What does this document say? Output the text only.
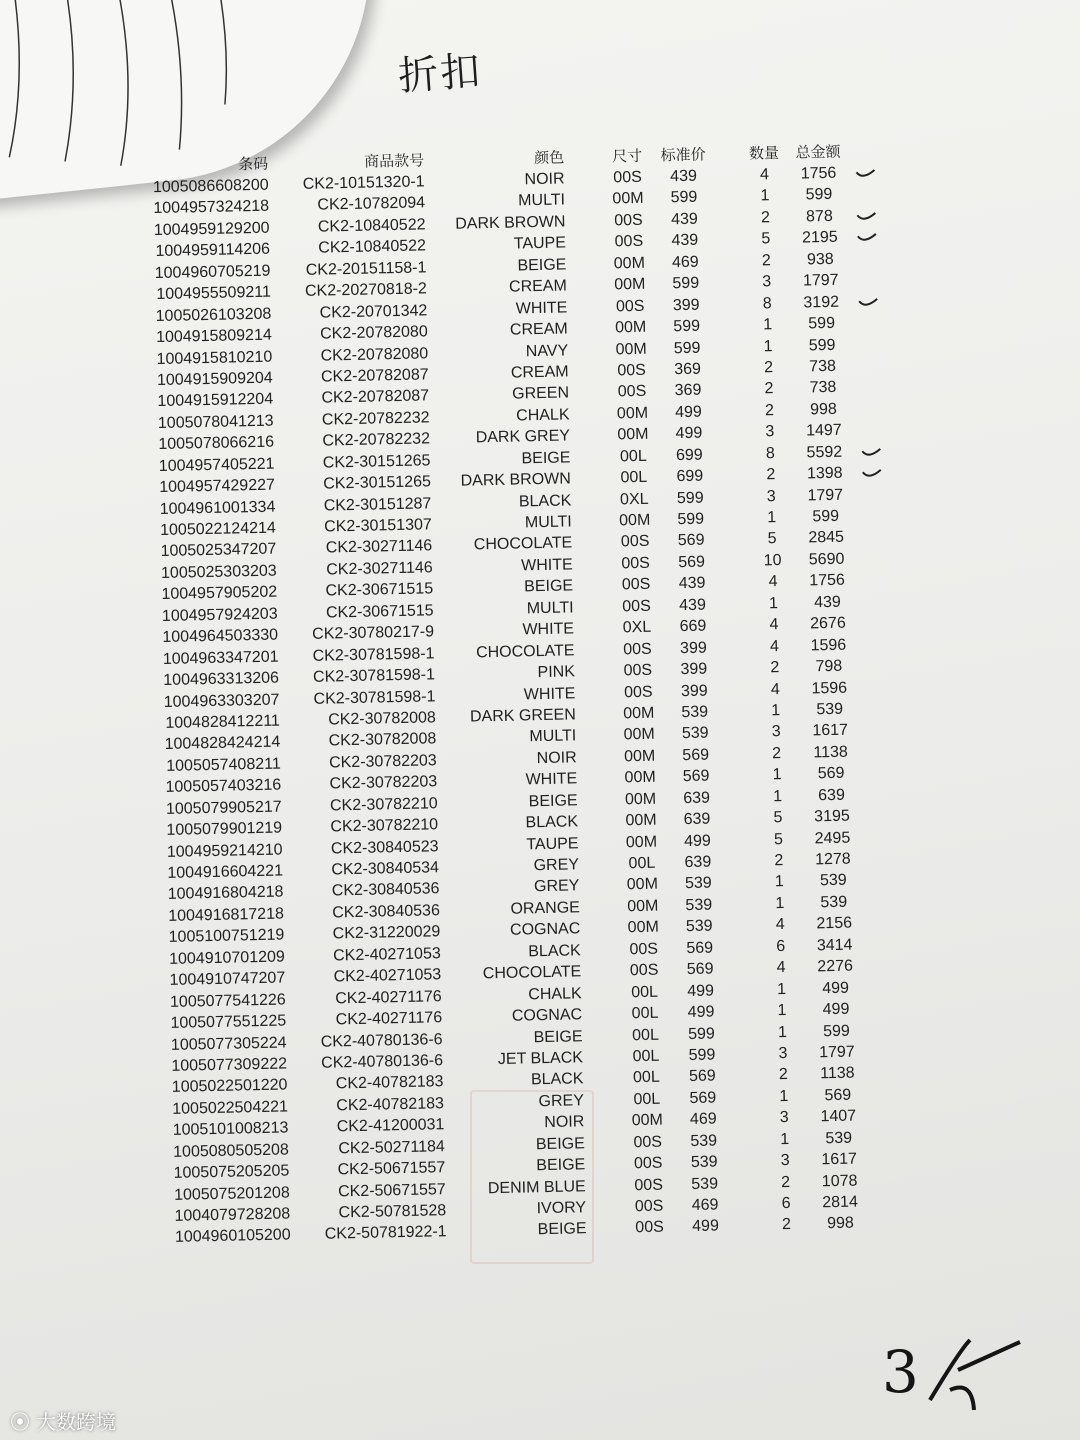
折扣
条码	商品款号	颜色	尺寸	标准价	数量	总金额
1005086608200	CK2-10151320-1	NOIR	00S	439	4	1756
1004957324218	CK2-10782094	MULTI	00M	599	1	599
1004959129200	CK2-10840522	DARK BROWN	00S	439	2	878
1004959114206	CK2-10840522	TAUPE	00S	439	5	2195
1004960705219	CK2-20151158-1	BEIGE	00M	469	2	938
1004955509211	CK2-20270818-2	CREAM	00M	599	3	1797
1005026103208	CK2-20701342	WHITE	00S	399	8	3192
1004915809214	CK2-20782080	CREAM	00M	599	1	599
1004915810210	CK2-20782080	NAVY	00M	599	1	599
1004915909204	CK2-20782087	CREAM	00S	369	2	738
1004915912204	CK2-20782087	GREEN	00S	369	2	738
1005078041213	CK2-20782232	CHALK	00M	499	2	998
1005078066216	CK2-20782232	DARK GREY	00M	499	3	1497
1004957405221	CK2-30151265	BEIGE	00L	699	8	5592
1004957429227	CK2-30151265	DARK BROWN	00L	699	2	1398
1004961001334	CK2-30151287	BLACK	0XL	599	3	1797
1005022124214	CK2-30151307	MULTI	00M	599	1	599
1005025347207	CK2-30271146	CHOCOLATE	00S	569	5	2845
1005025303203	CK2-30271146	WHITE	00S	569	10	5690
1004957905202	CK2-30671515	BEIGE	00S	439	4	1756
1004957924203	CK2-30671515	MULTI	00S	439	1	439
1004964503330	CK2-30780217-9	WHITE	0XL	669	4	2676
1004963347201	CK2-30781598-1	CHOCOLATE	00S	399	4	1596
1004963313206	CK2-30781598-1	PINK	00S	399	2	798
1004963303207	CK2-30781598-1	WHITE	00S	399	4	1596
1004828412211	CK2-30782008	DARK GREEN	00M	539	1	539
1004828424214	CK2-30782008	MULTI	00M	539	3	1617
1005057408211	CK2-30782203	NOIR	00M	569	2	1138
1005057403216	CK2-30782203	WHITE	00M	569	1	569
1005079905217	CK2-30782210	BEIGE	00M	639	1	639
1005079901219	CK2-30782210	BLACK	00M	639	5	3195
1004959214210	CK2-30840523	TAUPE	00M	499	5	2495
1004916604221	CK2-30840534	GREY	00L	639	2	1278
1004916804218	CK2-30840536	GREY	00M	539	1	539
1004916817218	CK2-30840536	ORANGE	00M	539	1	539
1005100751219	CK2-31220029	COGNAC	00M	539	4	2156
1004910701209	CK2-40271053	BLACK	00S	569	6	3414
1004910747207	CK2-40271053	CHOCOLATE	00S	569	4	2276
1005077541226	CK2-40271176	CHALK	00L	499	1	499
1005077551225	CK2-40271176	COGNAC	00L	499	1	499
1005077305224	CK2-40780136-6	BEIGE	00L	599	1	599
1005077309222	CK2-40780136-6	JET BLACK	00L	599	3	1797
1005022501220	CK2-40782183	BLACK	00L	569	2	1138
1005022504221	CK2-40782183	GREY	00L	569	1	569
1005101008213	CK2-41200031	NOIR	00M	469	3	1407
1005080505208	CK2-50271184	BEIGE	00S	539	1	539
1005075205205	CK2-50671557	BEIGE	00S	539	3	1617
1005075201208	CK2-50671557	DENIM BLUE	00S	539	2	1078
1004079728208	CK2-50781528	IVORY	00S	469	6	2814
1004960105200	CK2-50781922-1	BEIGE	00S	499	2	998
3
⦿ 大数跨境
